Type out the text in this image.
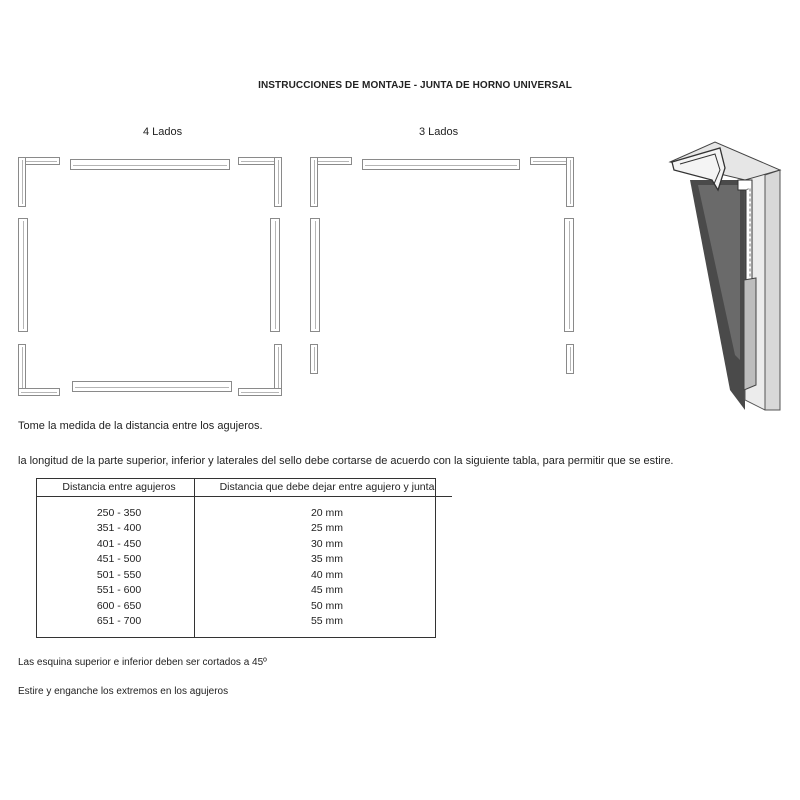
INSTRUCCIONES DE MONTAJE - JUNTA DE HORNO UNIVERSAL
4 Lados	3 Lados
Tome la medida de la distancia entre los agujeros.
la longitud de la parte superior, inferior y laterales del sello debe cortarse de acuerdo con la siguiente tabla, para permitir que se estire.
Distancia entre agujeros	Distancia que debe dejar entre agujero y junta

250 - 350	20 mm
351 - 400	25 mm
401 - 450	30 mm
451 - 500	35 mm
501 - 550	40 mm
551 - 600	45 mm
600 - 650	50 mm
651 - 700	55 mm
Las esquina superior e inferior deben ser cortados a 45º
Estire y enganche los extremos en los agujeros
